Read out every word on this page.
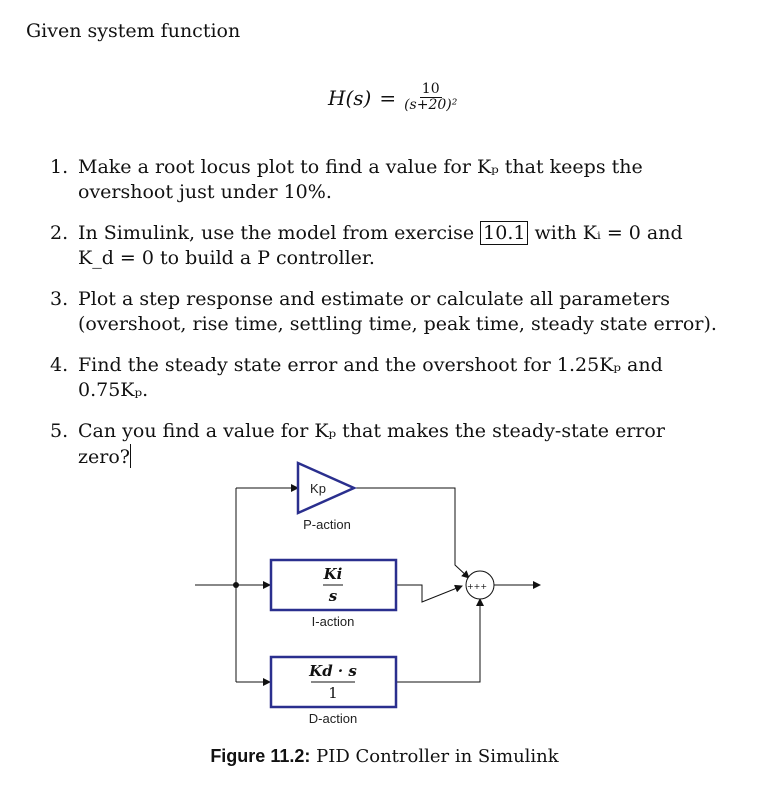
Given system function
$H(s) = \frac{10}{\text{(s+20)²}}$
1. Make a root locus plot to find a value for Kₚ that keeps the overshoot just under 10%.
2. In Simulink, use the model from exercise 10.1 with Kᵢ = 0 and K_d = 0 to build a P controller.
3. Plot a step response and estimate or calculate all parameters (overshoot, rise time, settling time, peak time, steady state error).
4. Find the steady state error and the overshoot for 1.25Kₚ and 0.75Kₚ.
5. Can you find a value for Kₚ that makes the steady-state error zero?
Kp
P-action
Ki
s
I-action
Kd · s
1
D-action
+++
Figure 11.2: PID Controller in Simulink
